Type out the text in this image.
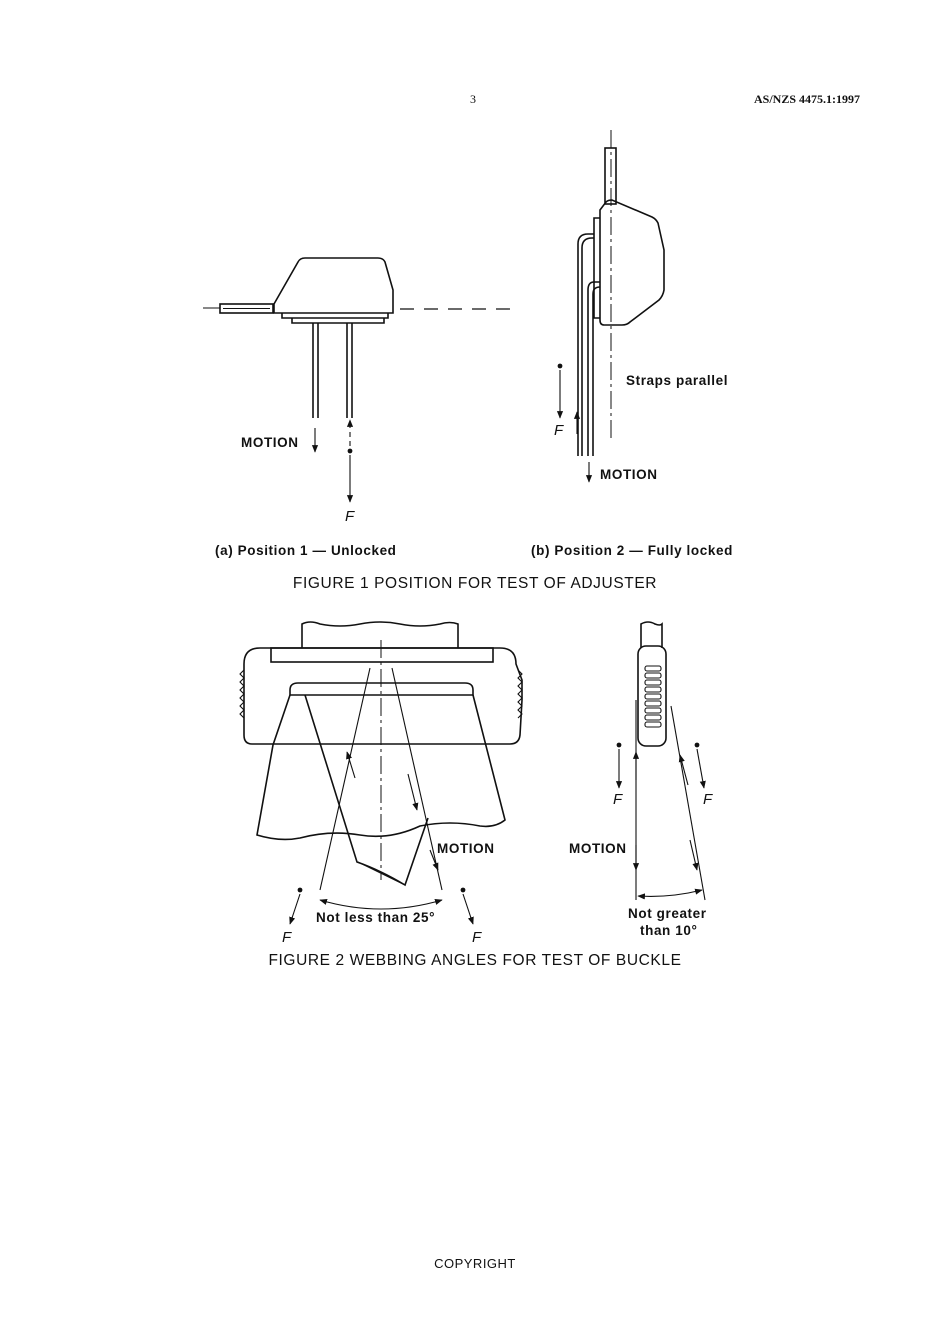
3	AS/NZS 4475.1:1997
MOTION
F
(a) Position 1 — Unlocked
Straps parallel
F
MOTION
(b) Position 2 — Fully locked
FIGURE 1 POSITION FOR TEST OF ADJUSTER
MOTION
Not less than 25°
F	F
F	F
MOTION
Not greater
than 10°
FIGURE 2 WEBBING ANGLES FOR TEST OF BUCKLE
COPYRIGHT
